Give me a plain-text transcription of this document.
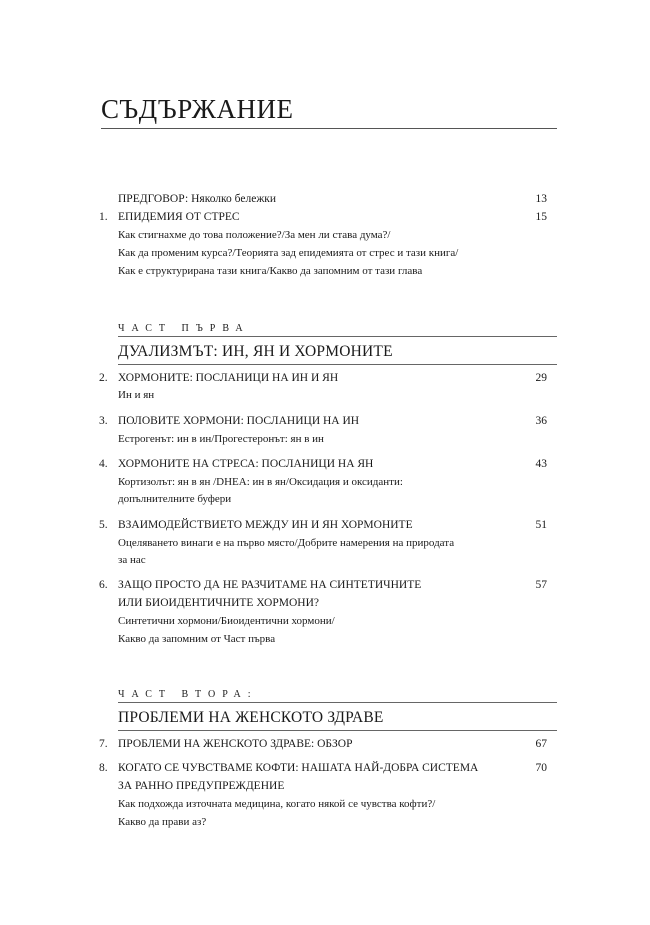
СЪДЪРЖАНИЕ
ПРЕДГОВОР: Няколко бележки	13
1. ЕПИДЕМИЯ ОТ СТРЕС	15
Как стигнахме до това положение?/За мен ли става дума?/
Как да променим курса?/Теорията зад епидемията от стрес и тази книга/
Как е структурирана тази книга/Какво да запомним от тази глава
ЧАСТ ПЪРВА
ДУАЛИЗМЪТ: ИН, ЯН И ХОРМОНИТЕ
2. ХОРМОНИТЕ: ПОСЛАНИЦИ НА ИН И ЯН	29
Ин и ян
3. ПОЛОВИТЕ ХОРМОНИ: ПОСЛАНИЦИ НА ИН	36
Естрогенът: ин в ин/Прогестеронът: ян в ин
4. ХОРМОНИТЕ НА СТРЕСА: ПОСЛАНИЦИ НА ЯН	43
Кортизолът: ян в ян /DHEA: ин в ян/Оксидация и оксиданти:
допълнителните буфери
5. ВЗАИМОДЕЙСТВИЕТО МЕЖДУ ИН И ЯН ХОРМОНИТЕ	51
Оцеляването винаги е на първо място/Добрите намерения на природата
за нас
6. ЗАЩО ПРОСТО ДА НЕ РАЗЧИТАМЕ НА СИНТЕТИЧНИТЕ	57
ИЛИ БИОИДЕНТИЧНИТЕ ХОРМОНИ?
Синтетични хормони/Биоидентични хормони/
Какво да запомним от Част първа
ЧАСТ ВТОРА:
ПРОБЛЕМИ НА ЖЕНСКОТО ЗДРАВЕ
7. ПРОБЛЕМИ НА ЖЕНСКОТО ЗДРАВЕ: ОБЗОР	67
8. КОГАТО СЕ ЧУВСТВАМЕ КОФТИ: НАШАТА НАЙ-ДОБРА СИСТЕМА	70
ЗА РАННО ПРЕДУПРЕЖДЕНИЕ
Как подхожда източната медицина, когато някой се чувства кофти?/
Какво да прави аз?
